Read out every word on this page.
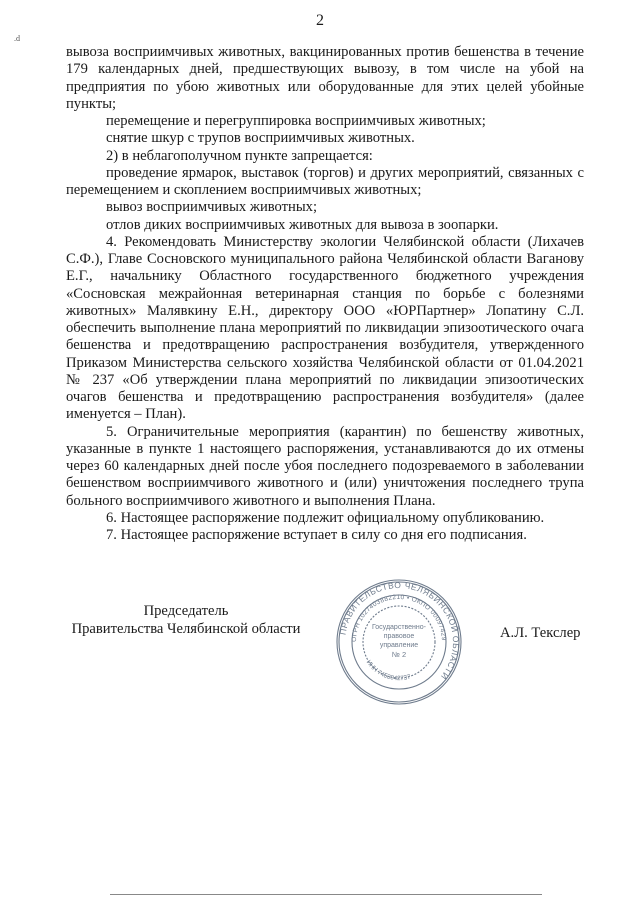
2
.d

вывоза восприимчивых животных, вакцинированных против бешенства в течение 179 календарных дней, предшествующих вывозу, в том числе на убой на предприятия по убою животных или оборудованные для этих целей убойные пункты;

перемещение и перегруппировка восприимчивых животных;

снятие шкур с трупов восприимчивых животных.

2) в неблагополучном пункте запрещается:

проведение ярмарок, выставок (торгов) и других мероприятий, связанных с перемещением и скоплением восприимчивых животных;

вывоз восприимчивых животных;

отлов диких восприимчивых животных для вывоза в зоопарки.

4. Рекомендовать Министерству экологии Челябинской области (Лихачев С.Ф.), Главе Сосновского муниципального района Челябинской области Ваганову Е.Г., начальнику Областного государственного бюджетного учреждения «Сосновская межрайонная ветеринарная станция по борьбе с болезнями животных» Малявкину Е.Н., директору ООО «ЮРПартнер» Лопатину С.Л. обеспечить выполнение плана мероприятий по ликвидации эпизоотического очага бешенства и предотвращению распространения возбудителя, утвержденного Приказом Министерства сельского хозяйства Челябинской области от 01.04.2021 № 237 «Об утверждении плана мероприятий по ликвидации эпизоотических очагов бешенства и предотвращению распространения возбудителя» (далее именуется – План).

5. Ограничительные мероприятия (карантин) по бешенству животных, указанные в пункте 1 настоящего распоряжения, устанавливаются до их отмены через 60 календарных дней после убоя последнего подозреваемого в заболевании бешенством восприимчивого животного и (или) уничтожения последнего трупа больного восприимчивого животного и выполнения Плана.

6. Настоящее распоряжение подлежит официальному опубликованию.

7. Настоящее распоряжение вступает в силу со дня его подписания.

Председатель
Правительства Челябинской области	ПРАВИТЕЛЬСТВО ЧЕЛЯБИНСКОЙ ОБЛАСТИ
ОГРН 1027403882210 • ОКПО 00097429
ИНН 7453042737
Государственно-
правовое
управление
№ 2
А.Л. Текслер
